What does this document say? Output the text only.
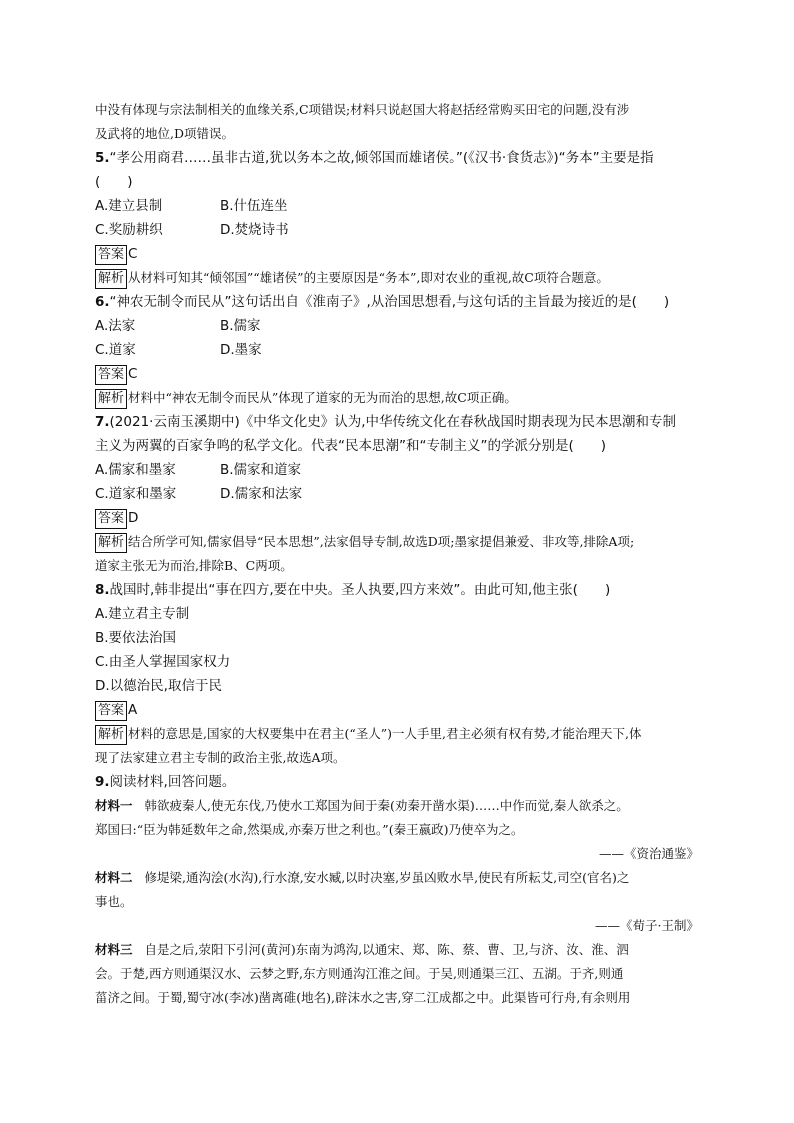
中没有体现与宗法制相关的血缘关系,C项错误;材料只说赵国大将赵括经常购买田宅的问题,没有涉
及武将的地位,D项错误。
5.“孝公用商君……虽非古道,犹以务本之故,倾邻国而雄诸侯。”(《汉书·食货志》)“务本”主要是指
(　　)
A.建立县制	B.什伍连坐
C.奖励耕织	D.焚烧诗书
答案 C
解析 从材料可知其“倾邻国”“雄诸侯”的主要原因是“务本”,即对农业的重视,故C项符合题意。
6.“神农无制令而民从”这句话出自《淮南子》,从治国思想看,与这句话的主旨最为接近的是(　　)
A.法家	B.儒家
C.道家	D.墨家
答案 C
解析 材料中“神农无制令而民从”体现了道家的无为而治的思想,故C项正确。
7.(2021·云南玉溪期中)《中华文化史》认为,中华传统文化在春秋战国时期表现为民本思潮和专制
主义为两翼的百家争鸣的私学文化。代表“民本思潮”和“专制主义”的学派分别是(　　)
A.儒家和墨家	B.儒家和道家
C.道家和墨家	D.儒家和法家
答案 D
解析 结合所学可知,儒家倡导“民本思想”,法家倡导专制,故选D项;墨家提倡兼爱、非攻等,排除A项;
道家主张无为而治,排除B、C两项。
8.战国时,韩非提出“事在四方,要在中央。圣人执要,四方来效”。由此可知,他主张(　　)
A.建立君主专制
B.要依法治国
C.由圣人掌握国家权力
D.以德治民,取信于民
答案 A
解析 材料的意思是,国家的大权要集中在君主(“圣人”)一人手里,君主必须有权有势,才能治理天下,体
现了法家建立君主专制的政治主张,故选A项。
9.阅读材料,回答问题。
材料一 韩欲疲秦人,使无东伐,乃使水工郑国为间于秦(劝秦开凿水渠)……中作而觉,秦人欲杀之。
郑国曰:“臣为韩延数年之命,然渠成,亦秦万世之利也。”(秦王嬴政)乃使卒为之。
——《资治通鉴》
材料二 修堤梁,通沟浍(水沟),行水潦,安水臧,以时决塞,岁虽凶败水旱,使民有所耘艾,司空(官名)之
事也。
——《荀子·王制》
材料三 自是之后,荥阳下引河(黄河)东南为鸿沟,以通宋、郑、陈、蔡、曹、卫,与济、汝、淮、泗
会。于楚,西方则通渠汉水、云梦之野,东方则通沟江淮之间。于吴,则通渠三江、五湖。于齐,则通
菑济之间。于蜀,蜀守冰(李冰)凿离碓(地名),辟沫水之害,穿二江成都之中。此渠皆可行舟,有余则用
